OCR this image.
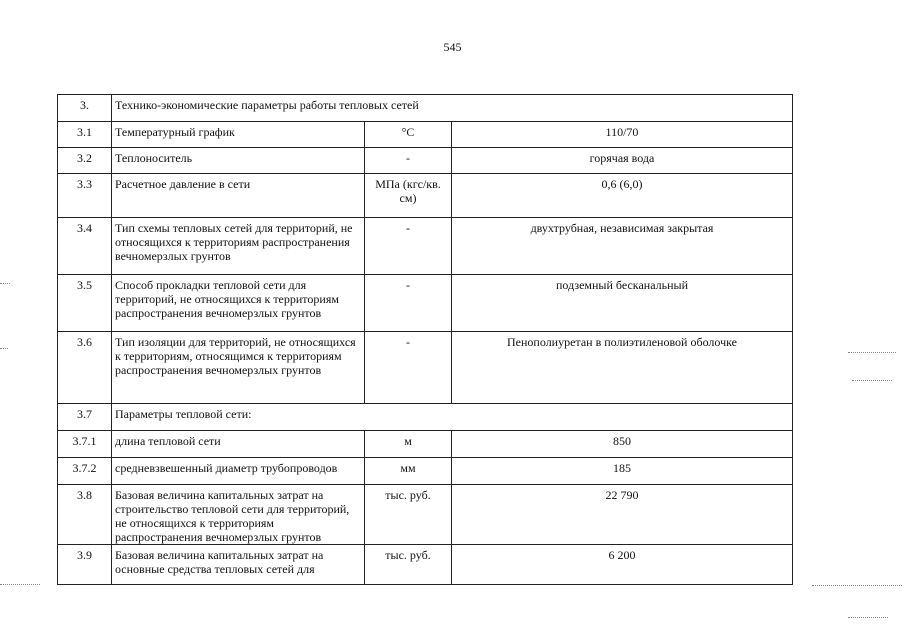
545
3.	Технико-экономические параметры работы тепловых сетей		
3.1	Температурный график	°С	110/70
3.2	Теплоноситель	-	горячая вода
3.3	Расчетное давление в сети	МПа (кгс/кв. см)	0,6 (6,0)
3.4	Тип схемы тепловых сетей для территорий, не относящихся к территориям распространения вечномерзлых грунтов	-	двухтрубная, независимая закрытая
3.5	Способ прокладки тепловой сети для территорий, не относящихся к территориям распространения вечномерзлых грунтов	-	подземный бесканальный
3.6	Тип изоляции для территорий, не относящихся к территориям, относящимся к территориям распространения вечномерзлых грунтов	-	Пенополиуретан в полиэтиленовой оболочке
3.7	Параметры тепловой сети:		
3.7.1	длина тепловой сети	м	850
3.7.2	средневзвешенный диаметр трубопроводов	мм	185
3.8	Базовая величина капитальных затрат на строительство тепловой сети для территорий, не относящихся к территориям распространения вечномерзлых грунтов	тыс. руб.	22 790
3.9	Базовая величина капитальных затрат на основные средства тепловых сетей для	тыс. руб.	6 200
